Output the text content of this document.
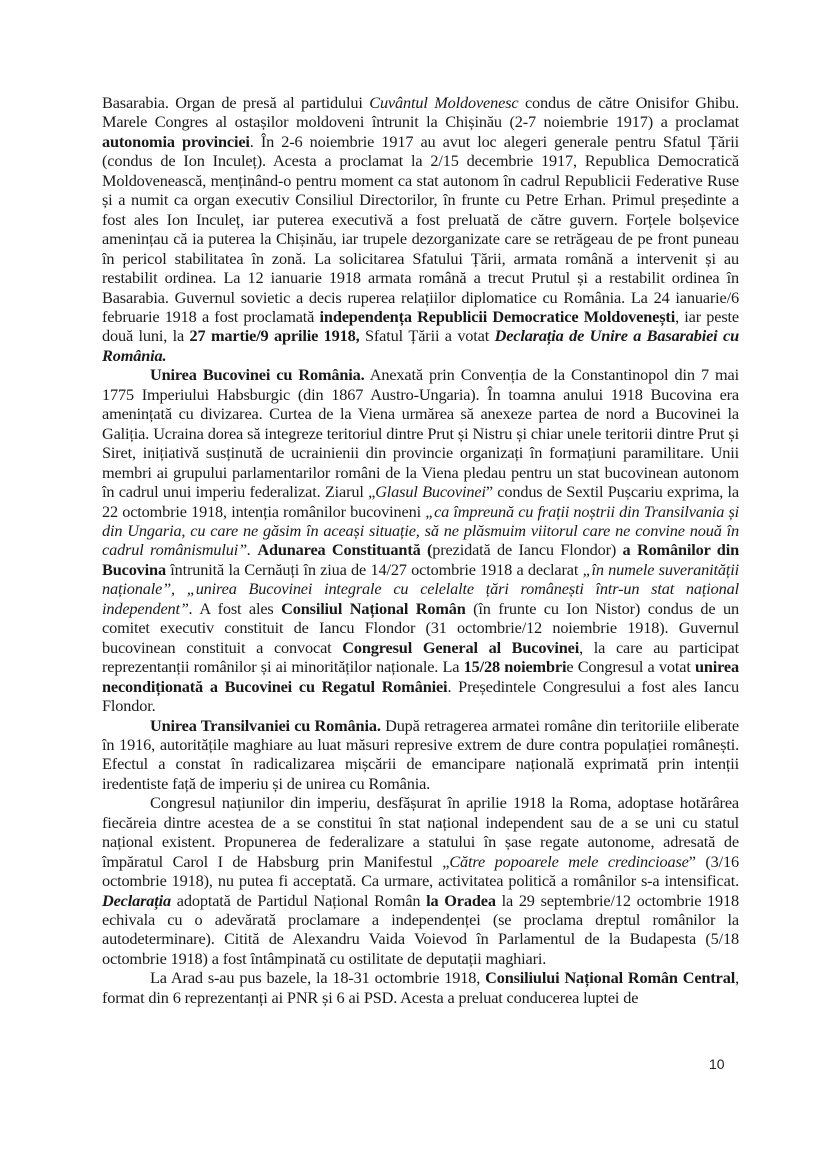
Basarabia. Organ de presă al partidului Cuvântul Moldovenesc condus de către Onisifor Ghibu. Marele Congres al ostașilor moldoveni întrunit la Chișinău (2-7 noiembrie 1917) a proclamat autonomia provinciei. În 2-6 noiembrie 1917 au avut loc alegeri generale pentru Sfatul Țării (condus de Ion Inculeț). Acesta a proclamat la 2/15 decembrie 1917, Republica Democratică Moldovenească, menținând-o pentru moment ca stat autonom în cadrul Republicii Federative Ruse și a numit ca organ executiv Consiliul Directorilor, în frunte cu Petre Erhan. Primul președinte a fost ales Ion Inculeț, iar puterea executivă a fost preluată de către guvern. Forțele bolșevice amenințau că ia puterea la Chișinău, iar trupele dezorganizate care se retrăgeau de pe front puneau în pericol stabilitatea în zonă. La solicitarea Sfatului Țării, armata română a intervenit și au restabilit ordinea. La 12 ianuarie 1918 armata română a trecut Prutul și a restabilit ordinea în Basarabia. Guvernul sovietic a decis ruperea relațiilor diplomatice cu România. La 24 ianuarie/6 februarie 1918 a fost proclamată independența Republicii Democratice Moldovenești, iar peste două luni, la 27 martie/9 aprilie 1918, Sfatul Țării a votat Declarația de Unire a Basarabiei cu România.

Unirea Bucovinei cu România. Anexată prin Convenția de la Constantinopol din 7 mai 1775 Imperiului Habsburgic (din 1867 Austro-Ungaria). În toamna anului 1918 Bucovina era amenințată cu divizarea. Curtea de la Viena urmărea să anexeze partea de nord a Bucovinei la Galiția. Ucraina dorea să integreze teritoriul dintre Prut și Nistru și chiar unele teritorii dintre Prut și Siret, inițiativă susținută de ucrainienii din provincie organizați în formațiuni paramilitare. Unii membri ai grupului parlamentarilor români de la Viena pledau pentru un stat bucovinean autonom în cadrul unui imperiu federalizat. Ziarul „Glasul Bucovinei” condus de Sextil Pușcariu exprima, la 22 octombrie 1918, intenția românilor bucovineni „ca împreună cu frații noștrii din Transilvania și din Ungaria, cu care ne găsim în aceași situație, să ne plăsmuim viitorul care ne convine nouă în cadrul românismului”. Adunarea Constituantă (prezidată de Iancu Flondor) a Românilor din Bucovina întrunită la Cernăuți în ziua de 14/27 octombrie 1918 a declarat „în numele suveranității naționale”, „unirea Bucovinei integrale cu celelalte țări românești într-un stat național independent”. A fost ales Consiliul Național Român (în frunte cu Ion Nistor) condus de un comitet executiv constituit de Iancu Flondor (31 octombrie/12 noiembrie 1918). Guvernul bucovinean constituit a convocat Congresul General al Bucovinei, la care au participat reprezentanții românilor și ai minorităților naționale. La 15/28 noiembrie Congresul a votat unirea necondiționată a Bucovinei cu Regatul României. Președintele Congresului a fost ales Iancu Flondor.

Unirea Transilvaniei cu România. După retragerea armatei române din teritoriile eliberate în 1916, autoritățile maghiare au luat măsuri represive extrem de dure contra populației românești. Efectul a constat în radicalizarea mișcării de emancipare națională exprimată prin intenții iredentiste față de imperiu și de unirea cu România.

Congresul națiunilor din imperiu, desfășurat în aprilie 1918 la Roma, adoptase hotărârea fiecăreia dintre acestea de a se constitui în stat național independent sau de a se uni cu statul național existent. Propunerea de federalizare a statului în șase regate autonome, adresată de împăratul Carol I de Habsburg prin Manifestul „Către popoarele mele credincioase” (3/16 octombrie 1918), nu putea fi acceptată. Ca urmare, activitatea politică a românilor s-a intensificat. Declarația adoptată de Partidul Național Român la Oradea la 29 septembrie/12 octombrie 1918 echivala cu o adevărată proclamare a independenței (se proclama dreptul românilor la autodeterminare). Citită de Alexandru Vaida Voievod în Parlamentul de la Budapesta (5/18 octombrie 1918) a fost întâmpinată cu ostilitate de deputații maghiari.

La Arad s-au pus bazele, la 18-31 octombrie 1918, Consiliului Național Român Central, format din 6 reprezentanți ai PNR și 6 ai PSD. Acesta a preluat conducerea luptei de

10
